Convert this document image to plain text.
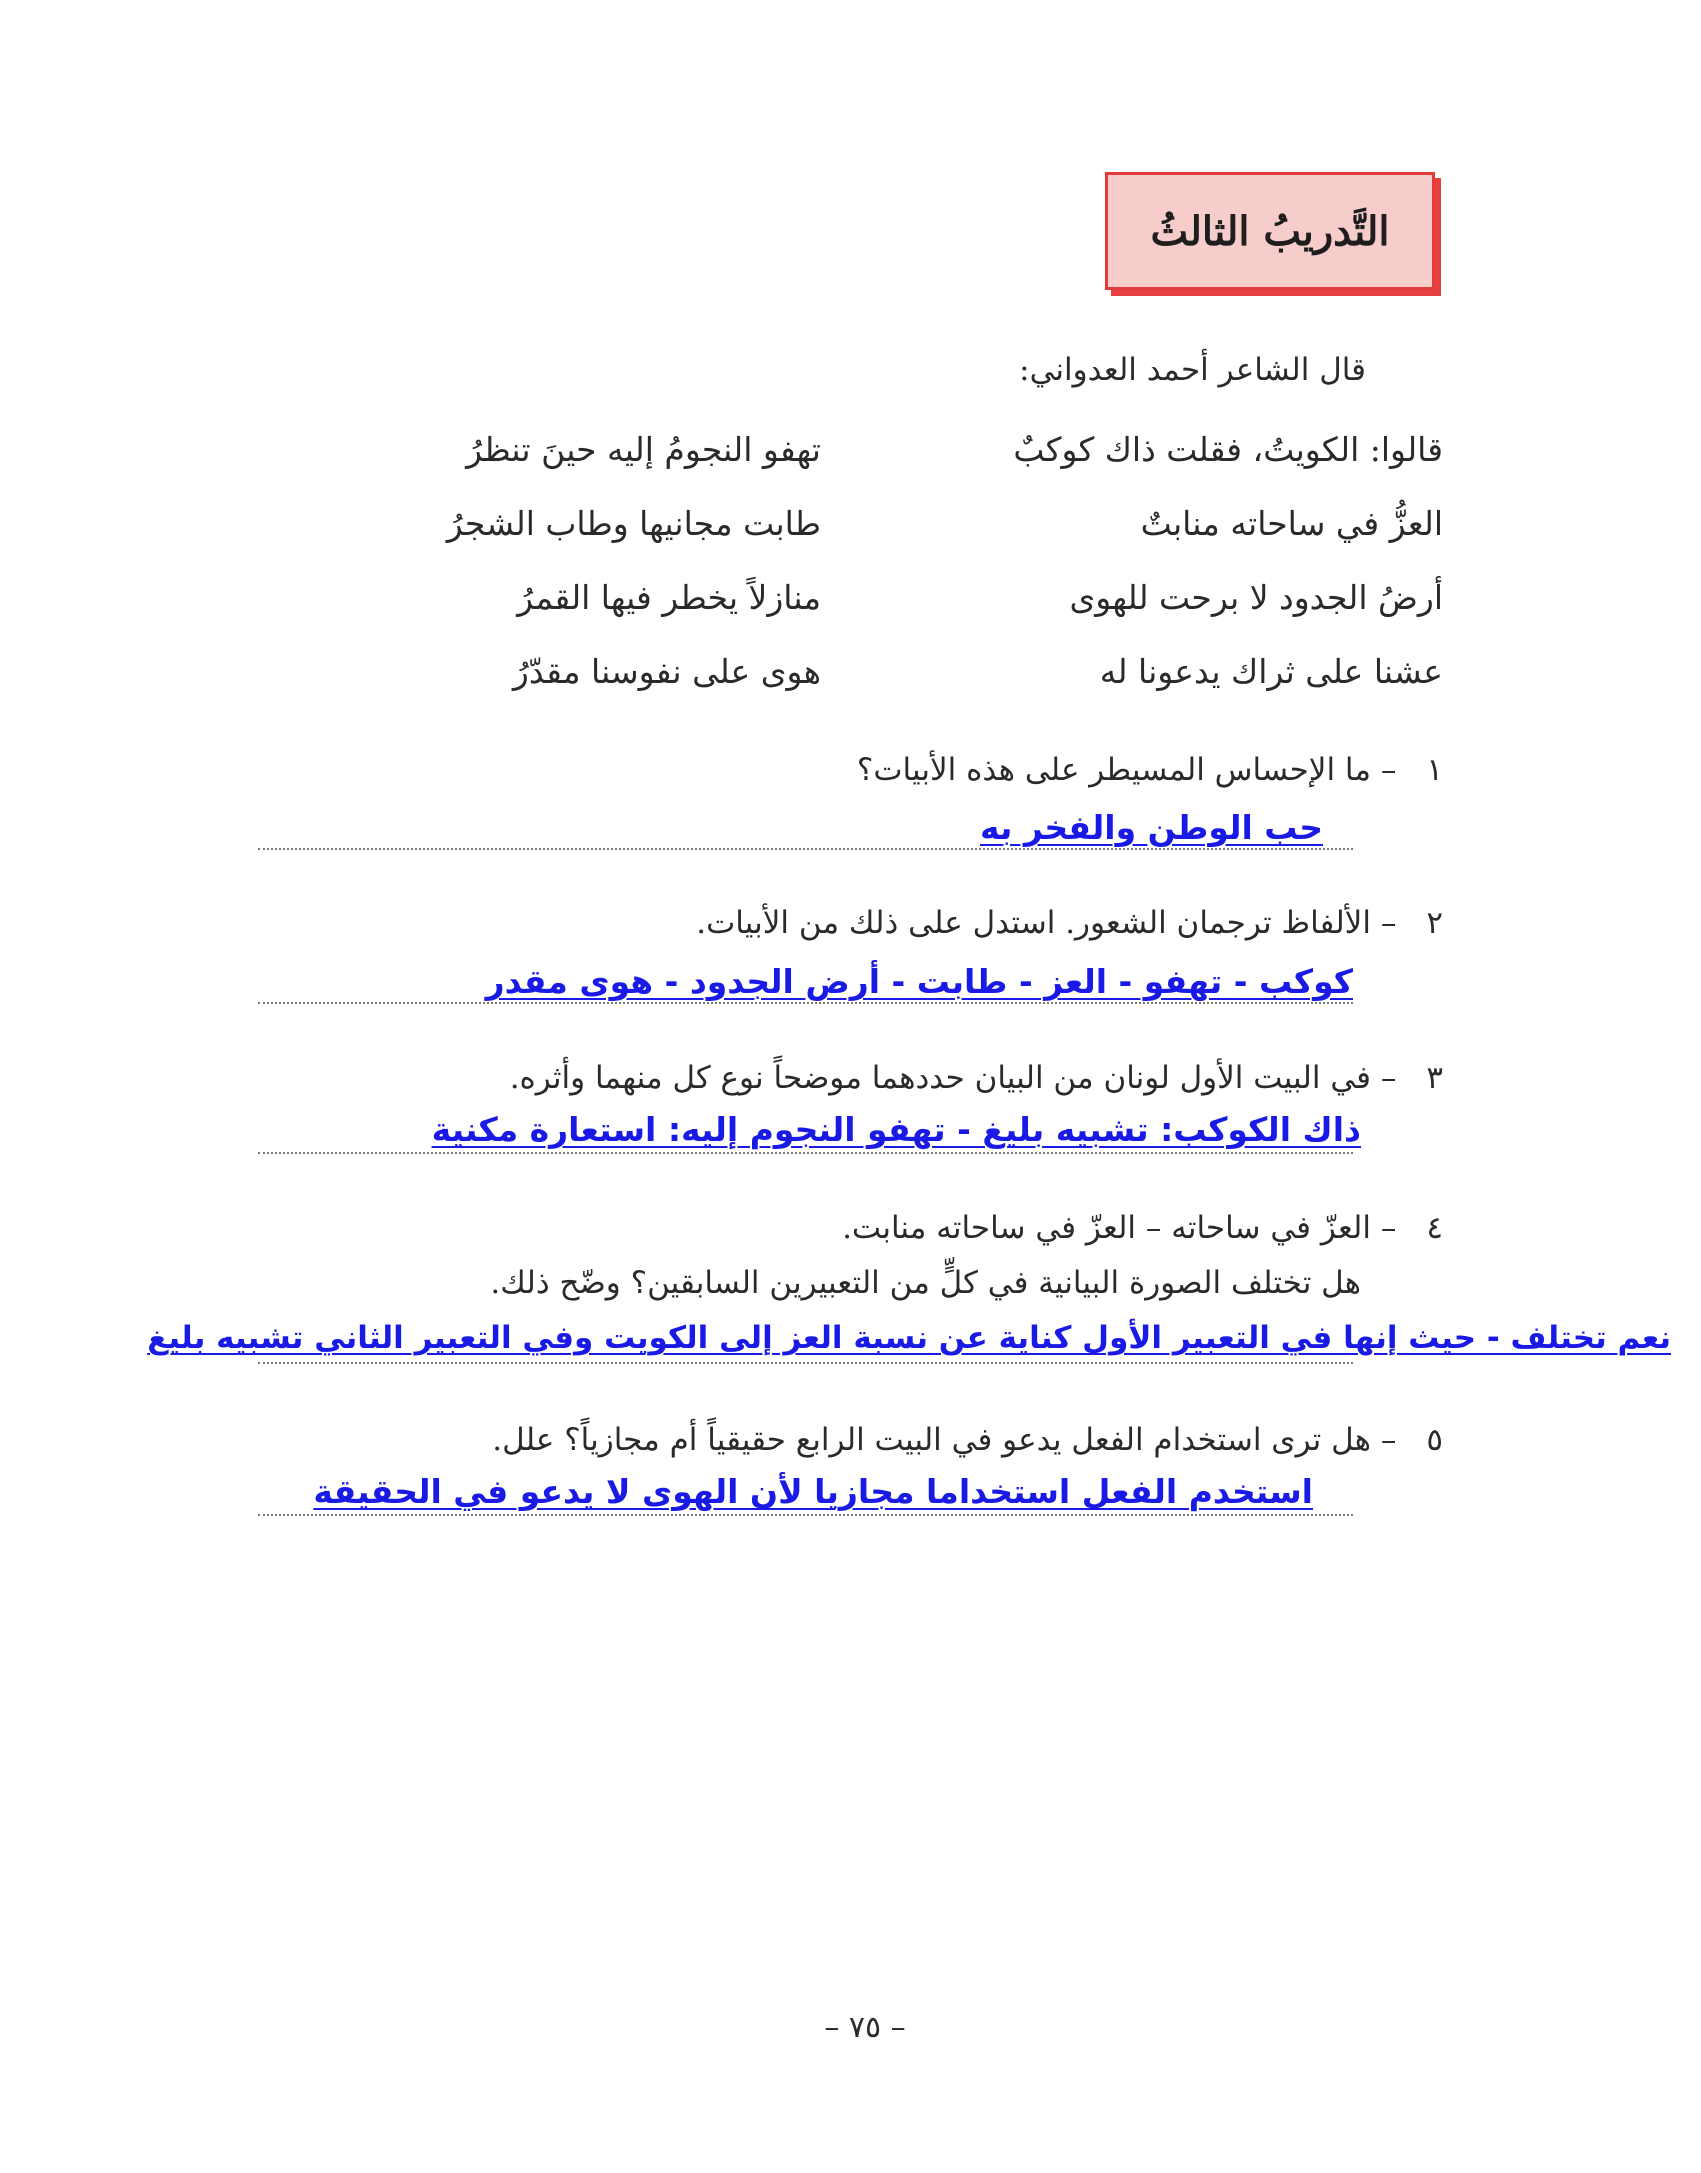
التَّدريبُ الثالثُ
قال الشاعر أحمد العدواني:
قالوا: الكويتُ، فقلت ذاك كوكبٌ
تهفو النجومُ إليه حينَ تنظرُ
العزُّ في ساحاته منابتٌ
طابت مجانيها وطاب الشجرُ
أرضُ الجدود لا برحت للهوى
منازلاً يخطر فيها القمرُ
عشنا على ثراك يدعونا له
هوى على نفوسنا مقدّرُ
١– ما الإحساس المسيطر على هذه الأبيات؟
حب الوطن والفخر به
٢– الألفاظ ترجمان الشعور. استدل على ذلك من الأبيات.
كوكب - تهفو - العز - طابت - أرض الجدود - هوى مقدر
٣– في البيت الأول لونان من البيان حددهما موضحاً نوع كل منهما وأثره.
ذاك الكوكب: تشبيه بليغ - تهفو النجوم إليه: استعارة مكنية
٤– العزّ في ساحاته – العزّ في ساحاته منابت.
هل تختلف الصورة البيانية في كلٍّ من التعبيرين السابقين؟ وضّح ذلك.
نعم تختلف - حيث إنها في التعبير الأول كناية عن نسبة العز إلى الكويت وفي التعبير الثاني تشبيه بليغ
٥– هل ترى استخدام الفعل يدعو في البيت الرابع حقيقياً أم مجازياً؟ علل.
استخدم الفعل استخداما مجازيا لأن الهوى لا يدعو في الحقيقة
– ٧٥ –
